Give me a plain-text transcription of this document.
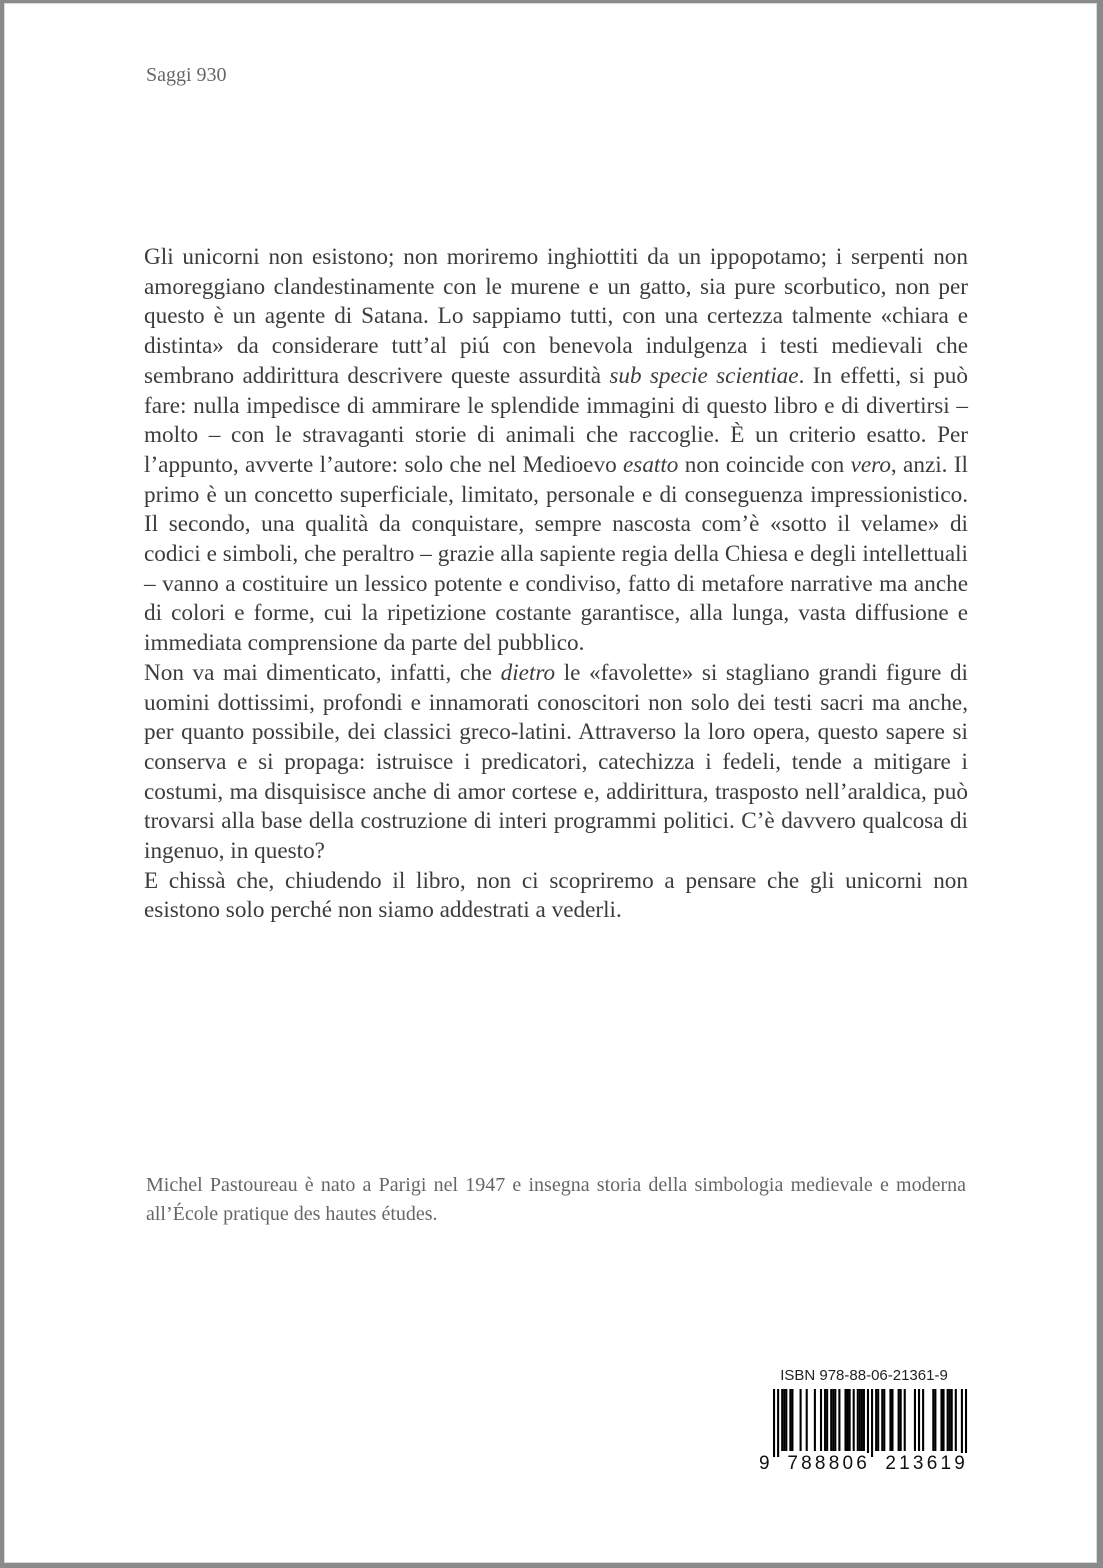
Saggi 930

Gli unicorni non esistono; non moriremo inghiottiti da un ippopotamo; i serpenti non amoreggiano clandestinamente con le murene e un gatto, sia pure scorbutico, non per questo è un agente di Satana. Lo sappiamo tutti, con una certezza talmente «chiara e distinta» da considerare tutt’al piú con benevola indulgenza i testi medievali che sembrano addirittura descrivere queste assurdità sub specie scientiae. In effetti, si può fare: nulla impedisce di ammirare le splendide immagini di questo libro e di divertirsi – molto – con le stravaganti storie di animali che raccoglie. È un criterio esatto. Per l’appunto, avverte l’autore: solo che nel Medioevo esatto non coincide con vero, anzi. Il primo è un concetto superficiale, limitato, personale e di conseguenza impressionistico. Il secondo, una qualità da conquistare, sempre nascosta com’è «sotto il velame» di codici e simboli, che peraltro – grazie alla sapiente regia della Chiesa e degli intellettuali – vanno a costituire un lessico potente e condiviso, fatto di metafore narrative ma anche di colori e forme, cui la ripetizione costante garantisce, alla lunga, vasta diffusione e immediata comprensione da parte del pubblico.

Non va mai dimenticato, infatti, che dietro le «favolette» si stagliano grandi figure di uomini dottissimi, profondi e innamorati conoscitori non solo dei testi sacri ma anche, per quanto possibile, dei classici greco-latini. Attraverso la loro opera, questo sapere si conserva e si propaga: istruisce i predicatori, catechizza i fedeli, tende a mitigare i costumi, ma disquisisce anche di amor cortese e, addirittura, trasposto nell’araldica, può trovarsi alla base della costruzione di interi programmi politici. C’è davvero qualcosa di ingenuo, in questo?

E chissà che, chiudendo il libro, non ci scopriremo a pensare che gli unicorni non esistono solo perché non siamo addestrati a vederli.

Michel Pastoureau è nato a Parigi nel 1947 e insegna storia della simbologia medievale e moderna all’École pratique des hautes études.
ISBN 978-88-06-21361-9
9 788806 213619
